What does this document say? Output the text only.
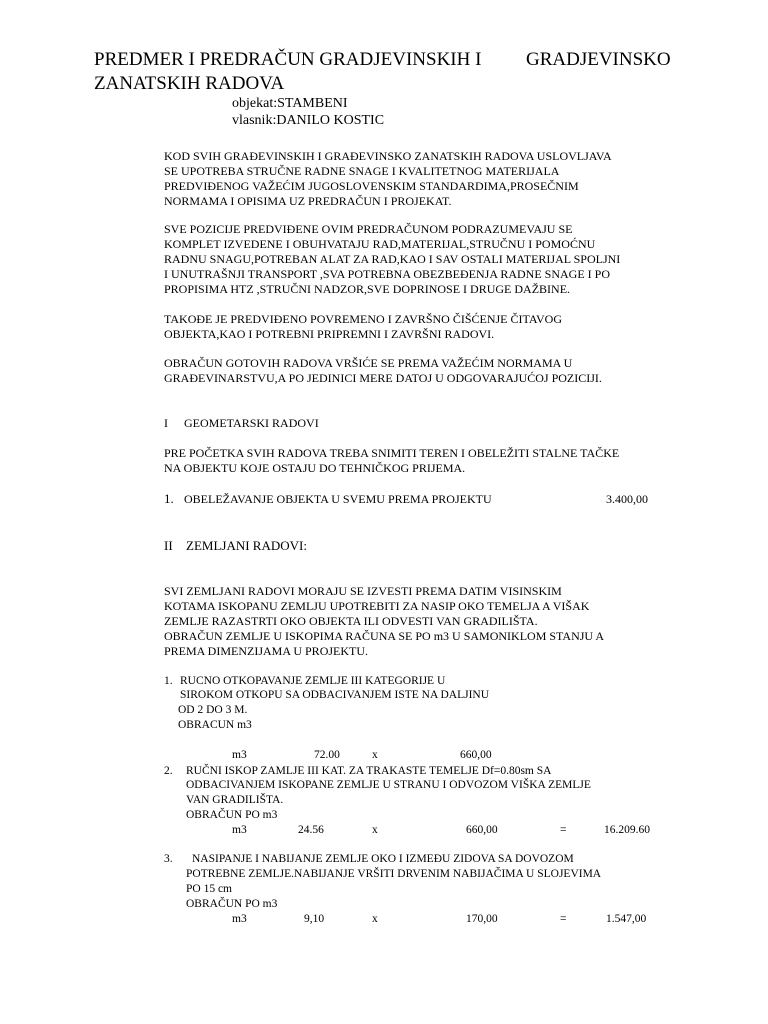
PREDMER I PREDRAČUN GRADJEVINSKIH I GRADJEVINSKO
ZANATSKIH RADOVA
objekat:STAMBENI
vlasnik:DANILO KOSTIC
KOD SVIH GRAĐEVINSKIH I GRAĐEVINSKO ZANATSKIH RADOVA USLOVLJAVA
SE UPOTREBA STRUČNE RADNE SNAGE I KVALITETNOG MATERIJALA
PREDVIĐENOG VAŽEĆIM JUGOSLOVENSKIM STANDARDIMA,PROSEČNIM
NORMAMA I OPISIMA UZ PREDRAČUN I PROJEKAT.
SVE POZICIJE PREDVIĐENE OVIM PREDRAČUNOM PODRAZUMEVAJU SE
KOMPLET IZVEDENE I OBUHVATAJU RAD,MATERIJAL,STRUČNU I POMOĆNU
RADNU SNAGU,POTREBAN ALAT ZA RAD,KAO I SAV OSTALI MATERIJAL SPOLJNI
I UNUTRAŠNJI TRANSPORT ,SVA POTREBNA OBEZBEĐENJA RADNE SNAGE I PO
PROPISIMA HTZ ,STRUČNI NADZOR,SVE DOPRINOSE I DRUGE DAŽBINE.
TAKOĐE JE PREDVIĐENO POVREMENO I ZAVRŠNO ČIŠĆENJE ČITAVOG
OBJEKTA,KAO I POTREBNI PRIPREMNI I ZAVRŠNI RADOVI.
OBRAČUN GOTOVIH RADOVA VRŠIĆE SE PREMA VAŽEĆIM NORMAMA U
GRAĐEVINARSTVU,A PO JEDINICI MERE DATOJ U ODGOVARAJUĆOJ POZICIJI.
I GEOMETARSKI RADOVI
PRE POČETKA SVIH RADOVA TREBA SNIMITI TEREN I OBELEŽITI STALNE TAČKE
NA OBJEKTU KOJE OSTAJU DO TEHNIČKOG PRIJEMA.
1. OBELEŽAVANJE OBJEKTA U SVEMU PREMA PROJEKTU	3.400,00
II ZEMLJANI RADOVI:
SVI ZEMLJANI RADOVI MORAJU SE IZVESTI PREMA DATIM VISINSKIM
KOTAMA ISKOPANU ZEMLJU UPOTREBITI ZA NASIP OKO TEMELJA A VIŠAK
ZEMLJE RAZASTRTI OKO OBJEKTA ILI ODVESTI VAN GRADILIŠTA.
OBRAČUN ZEMLJE U ISKOPIMA RAČUNA SE PO m3 U SAMONIKLOM STANJU A
PREMA DIMENZIJAMA U PROJEKTU.
1. RUCNO OTKOPAVANJE ZEMLJE III KATEGORIJE U
SIROKOM OTKOPU SA ODBACIVANJEM ISTE NA DALJINU
OD 2 DO 3 M.
OBRACUN m3
m3	72.00	x	660,00
2. RUČNI ISKOP ZAMLJE III KAT. ZA TRAKASTE TEMELJE Df=0.80sm SA
ODBACIVANJEM ISKOPANE ZEMLJE U STRANU I ODVOZOM VIŠKA ZEMLJE
VAN GRADILIŠTA.
OBRAČUN PO m3
m3	24.56	x	660,00	=	16.209.60
3. NASIPANJE I NABIJANJE ZEMLJE OKO I IZMEĐU ZIDOVA SA DOVOZOM
POTREBNE ZEMLJE.NABIJANJE VRŠITI DRVENIM NABIJAČIMA U SLOJEVIMA
PO 15 cm
OBRAČUN PO m3
m3	9,10	x	170,00	=	1.547,00
